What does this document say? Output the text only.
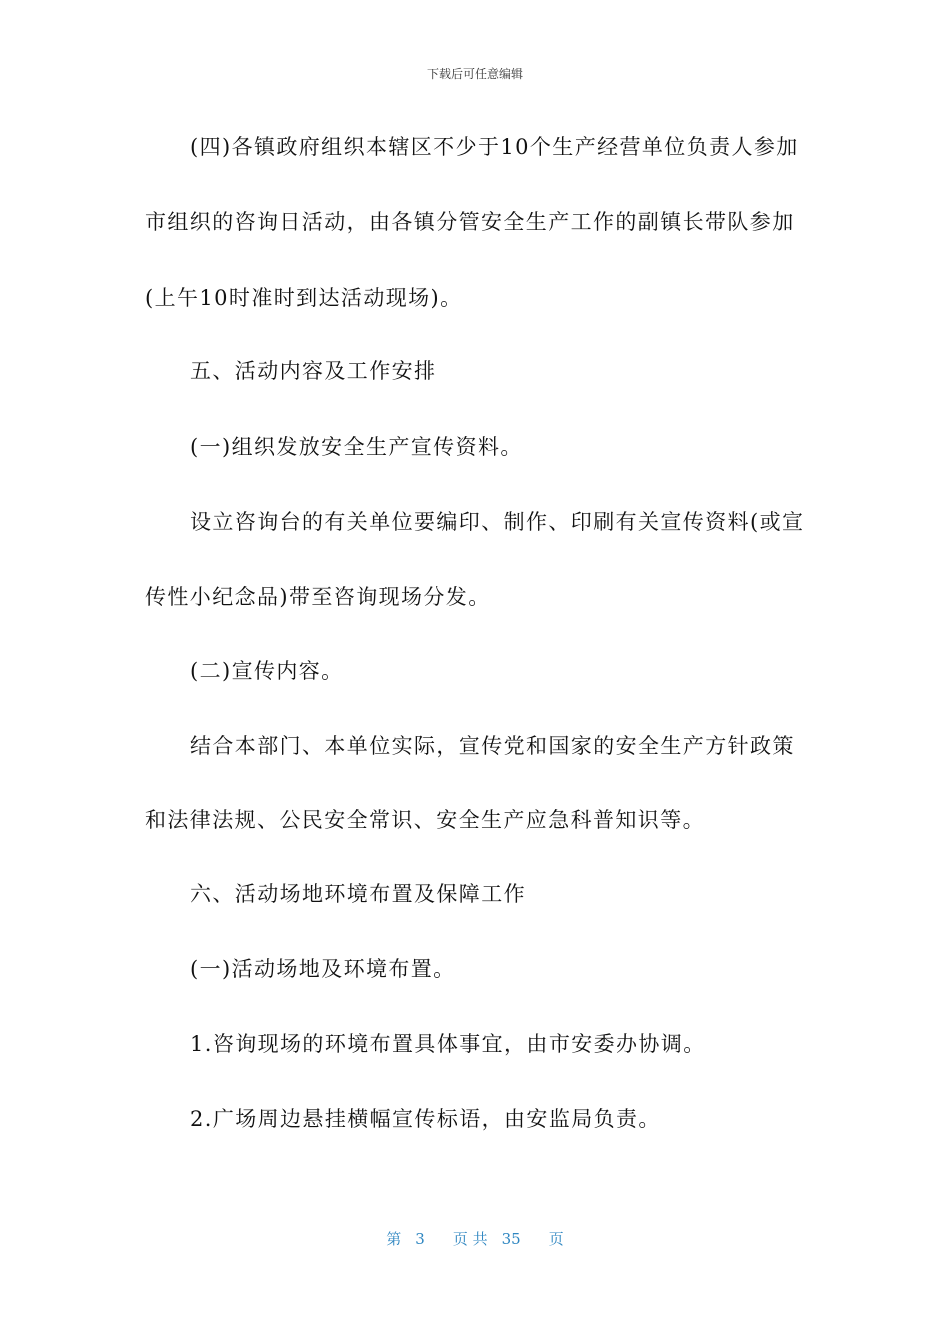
下载后可任意编辑
(四)各镇政府组织本辖区不少于10个生产经营单位负责人参加
市组织的咨询日活动，由各镇分管安全生产工作的副镇长带队参加
(上午10时准时到达活动现场)。
五、活动内容及工作安排
(一)组织发放安全生产宣传资料。
设立咨询台的有关单位要编印、制作、印刷有关宣传资料(或宣
传性小纪念品)带至咨询现场分发。
(二)宣传内容。
结合本部门、本单位实际，宣传党和国家的安全生产方针政策
和法律法规、公民安全常识、安全生产应急科普知识等。
六、活动场地环境布置及保障工作
(一)活动场地及环境布置。
1.咨询现场的环境布置具体事宜，由市安委办协调。
2.广场周边悬挂横幅宣传标语，由安监局负责。
第 3 页 共 35 页
